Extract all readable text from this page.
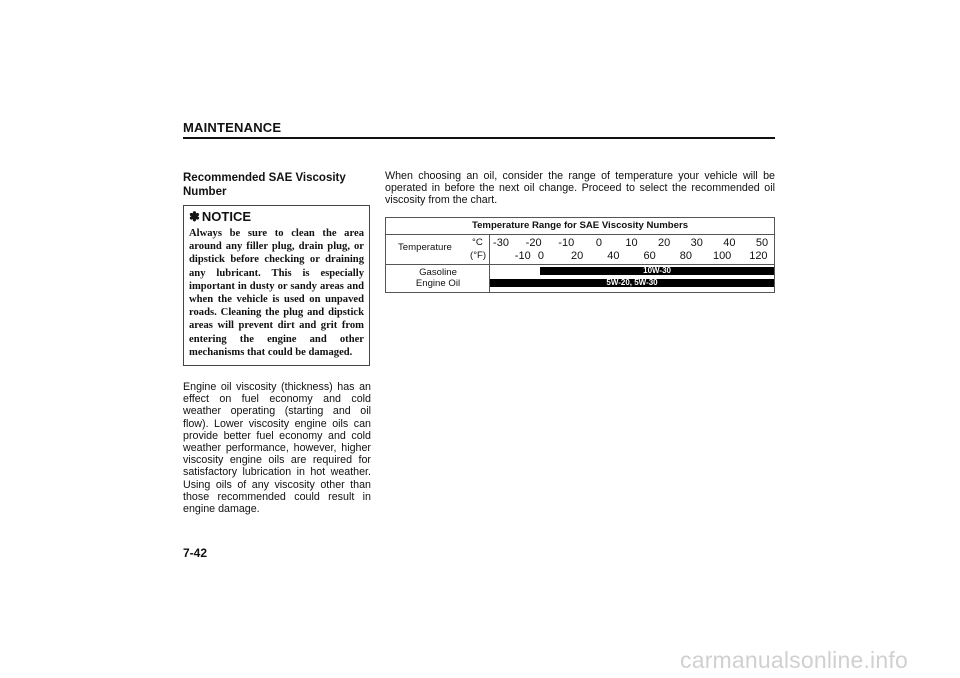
MAINTENANCE
Recommended SAE Viscosity Number
✽ NOTICE
Always be sure to clean the area around any filler plug, drain plug, or dipstick before checking or draining any lubricant. This is especially important in dusty or sandy areas and when the vehicle is used on unpaved roads. Cleaning the plug and dipstick areas will prevent dirt and grit from entering the engine and other mechanisms that could be damaged.
Engine oil viscosity (thickness) has an effect on fuel economy and cold weather operating (starting and oil flow). Lower viscosity engine oils can provide better fuel economy and cold weather performance, however, higher viscosity engine oils are required for satisfactory lubrication in hot weather. Using oils of any viscosity other than those recommended could result in engine damage.
When choosing an oil, consider the range of temperature your vehicle will be operated in before the next oil change. Proceed to select the recommended oil viscosity from the chart.
Temperature Range for SAE Viscosity Numbers
Temperature °C
(°F)
Gasoline Engine Oil
-30 -20 -10 0 10 20 30 40 50
-10 0 20 40 60 80 100 120
10W-30
5W-20, 5W-30
7-42
carmanualsonline.info
